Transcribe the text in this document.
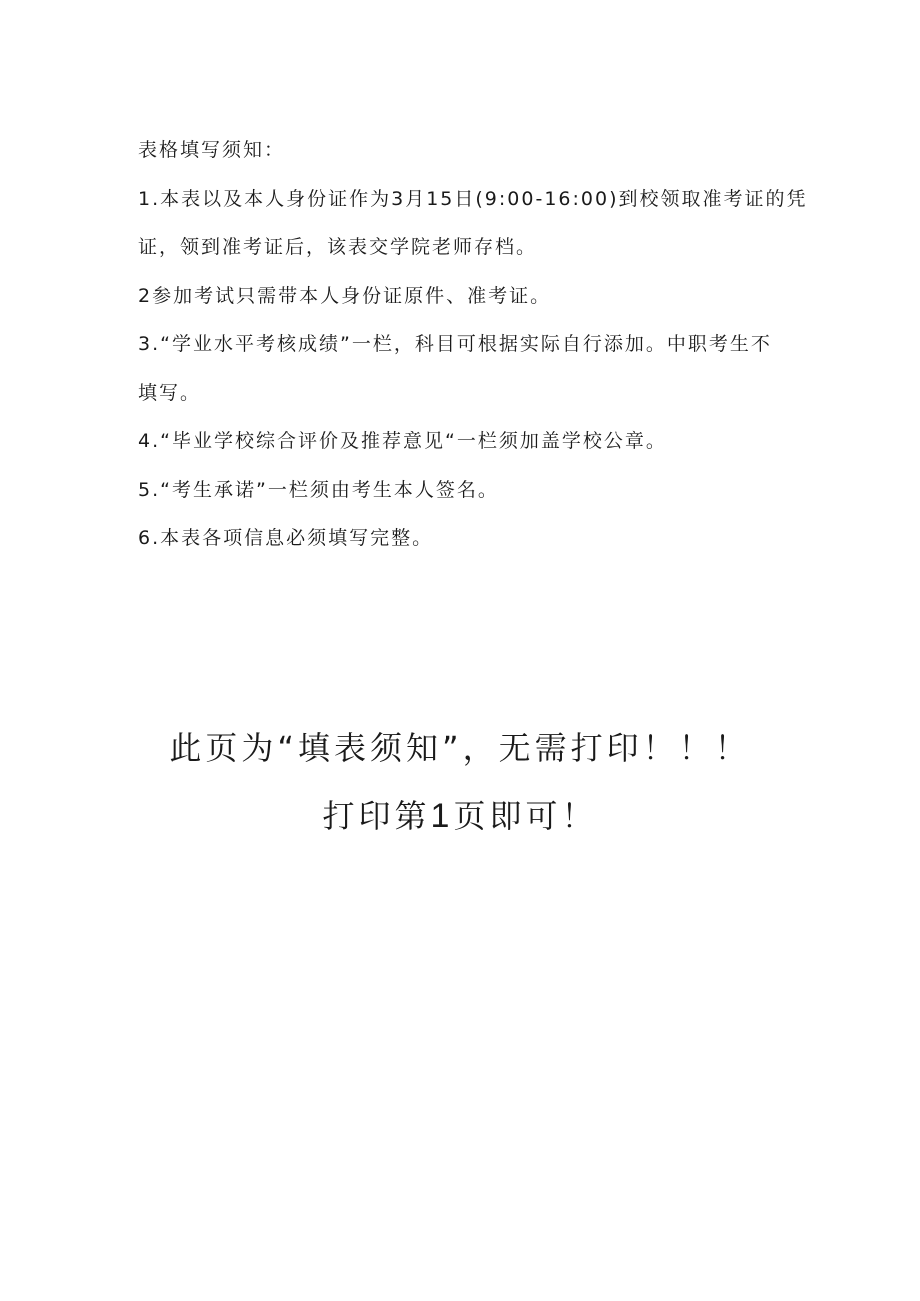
表格填写须知：
1.本表以及本人身份证作为3月15日(9:00-16:00)到校领取准考证的凭
证，领到准考证后，该表交学院老师存档。
2参加考试只需带本人身份证原件、准考证。
3.“学业水平考核成绩”一栏，科目可根据实际自行添加。中职考生不
填写。
4.“毕业学校综合评价及推荐意见“一栏须加盖学校公章。
5.“考生承诺”一栏须由考生本人签名。
6.本表各项信息必须填写完整。
此页为“填表须知”，无需打印！！！
打印第1页即可！
